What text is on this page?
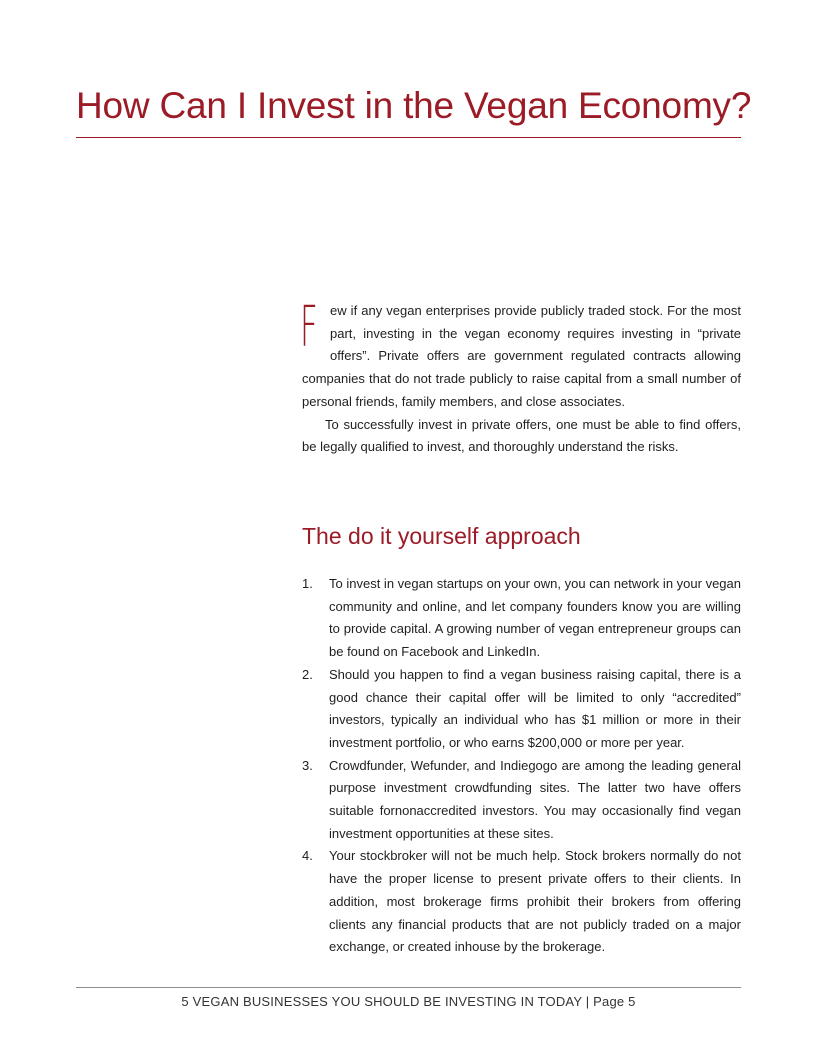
How Can I Invest in the Vegan Economy?

Few if any vegan enterprises provide publicly traded stock. For the most part, investing in the vegan economy requires investing in “private offers”. Private offers are government regulated contracts allowing companies that do not trade publicly to raise capital from a small number of personal friends, family members, and close associates.

To successfully invest in private offers, one must be able to find offers, be legally qualified to invest, and thoroughly understand the risks.

The do it yourself approach
1. To invest in vegan startups on your own, you can network in your vegan community and online, and let company founders know you are willing to provide capital. A growing number of vegan entrepreneur groups can be found on Facebook and LinkedIn.
2. Should you happen to find a vegan business raising capital, there is a good chance their capital offer will be limited to only “accredited” investors, typically an individual who has $1 million or more in their investment portfolio, or who earns $200,000 or more per year.
3. Crowdfunder, Wefunder, and Indiegogo are among the leading general purpose investment crowdfunding sites. The latter two have offers suitable fornonaccredited investors. You may occasionally find vegan investment opportunities at these sites.
4. Your stockbroker will not be much help. Stock brokers normally do not have the proper license to present private offers to their clients. In addition, most brokerage firms prohibit their brokers from offering clients any financial products that are not publicly traded on a major exchange, or created inhouse by the brokerage.
5 VEGAN BUSINESSES YOU SHOULD BE INVESTING IN TODAY | Page 5
